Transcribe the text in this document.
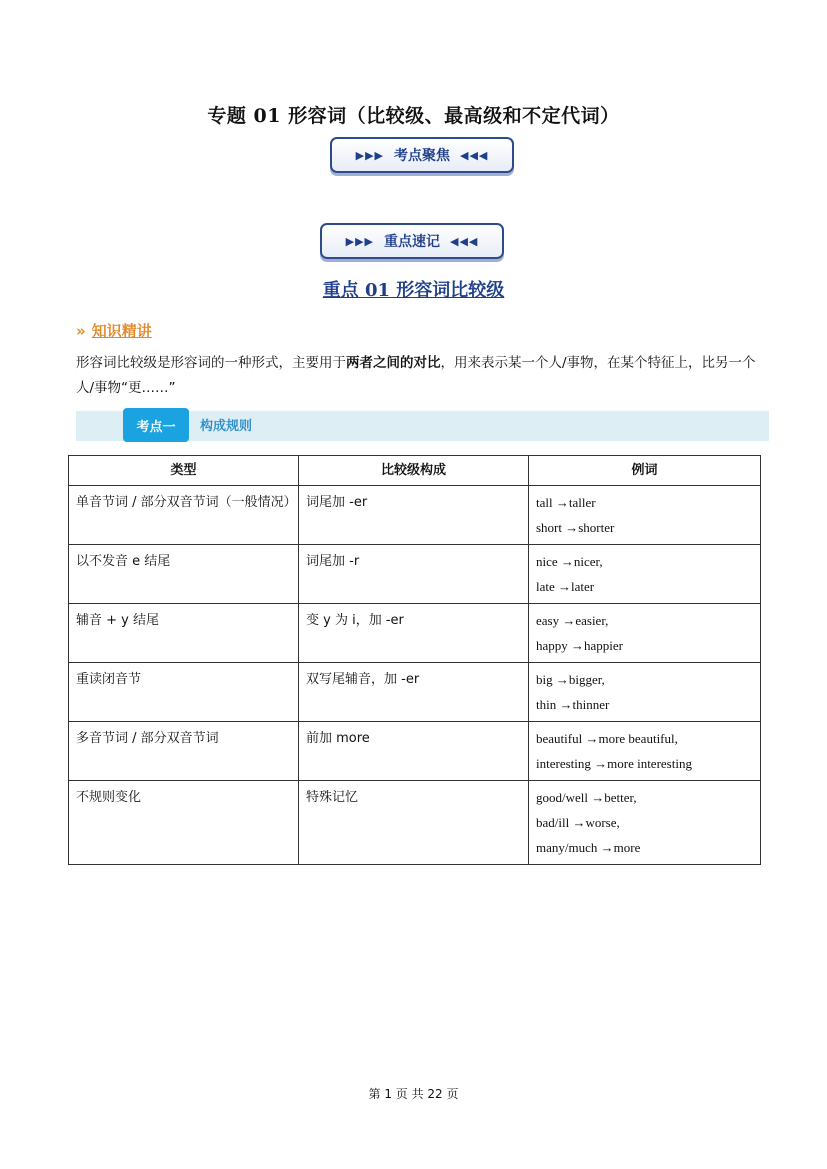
专题 01 形容词（比较级、最高级和不定代词）
▶▶▶ 考点聚焦 ◀◀◀
▶▶▶ 重点速记 ◀◀◀
重点 01 形容词比较级
» 知识精讲
形容词比较级是形容词的一种形式，主要用于两者之间的对比，用来表示某一个人/事物，在某个特征上，比另一个人/事物“更……”
考点一	构成规则
类型	比较级构成	例词
单音节词 / 部分双音节词（一般情况）	词尾加 -er	tall →taller
short →shorter

以不发音 e 结尾	词尾加 -r	nice →nicer,
late →later

辅音 + y 结尾	变 y 为 i，加 -er	easy →easier,
happy →happier

重读闭音节	双写尾辅音，加 -er	big →bigger,
thin →thinner

多音节词 / 部分双音节词	前加 more	beautiful →more beautiful,
interesting →more interesting

不规则变化	特殊记忆	good/well →better,
bad/ill →worse,
many/much →more
第 1 页 共 22 页
